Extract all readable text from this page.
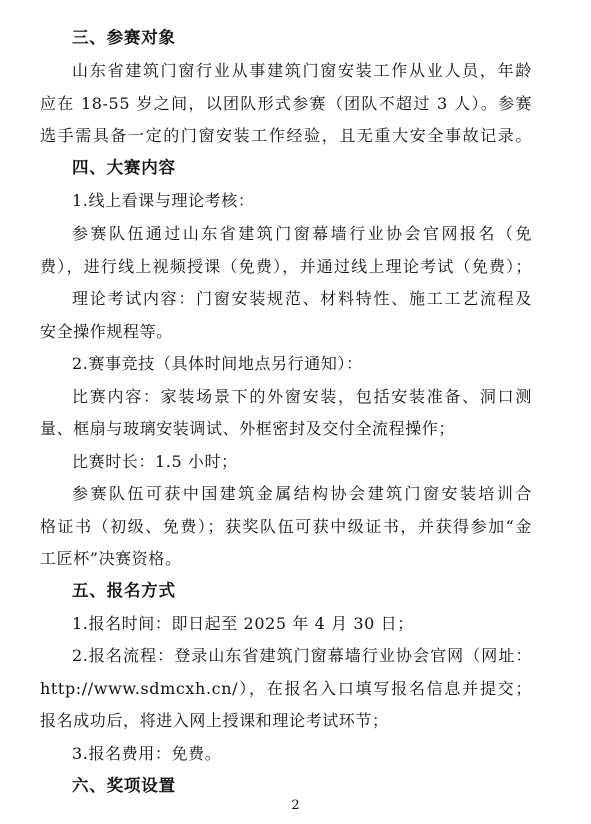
三、参赛对象
山东省建筑门窗行业从事建筑门窗安装工作从业人员，年龄
应在 18-55 岁之间，以团队形式参赛（团队不超过 3 人）。参赛
选手需具备一定的门窗安装工作经验，且无重大安全事故记录。
四、大赛内容
1.线上看课与理论考核：
参赛队伍通过山东省建筑门窗幕墙行业协会官网报名（免
费），进行线上视频授课（免费），并通过线上理论考试（免费）；
理论考试内容：门窗安装规范、材料特性、施工工艺流程及
安全操作规程等。
2.赛事竞技（具体时间地点另行通知）：
比赛内容：家装场景下的外窗安装，包括安装准备、洞口测
量、框扇与玻璃安装调试、外框密封及交付全流程操作；
比赛时长：1.5 小时；
参赛队伍可获中国建筑金属结构协会建筑门窗安装培训合
格证书（初级、免费）；获奖队伍可获中级证书，并获得参加“金
工匠杯”决赛资格。
五、报名方式
1.报名时间：即日起至 2025 年 4 月 30 日；
2.报名流程：登录山东省建筑门窗幕墙行业协会官网（网址：
http://www.sdmcxh.cn/），在报名入口填写报名信息并提交；
报名成功后，将进入网上授课和理论考试环节；
3.报名费用：免费。
六、奖项设置
2
